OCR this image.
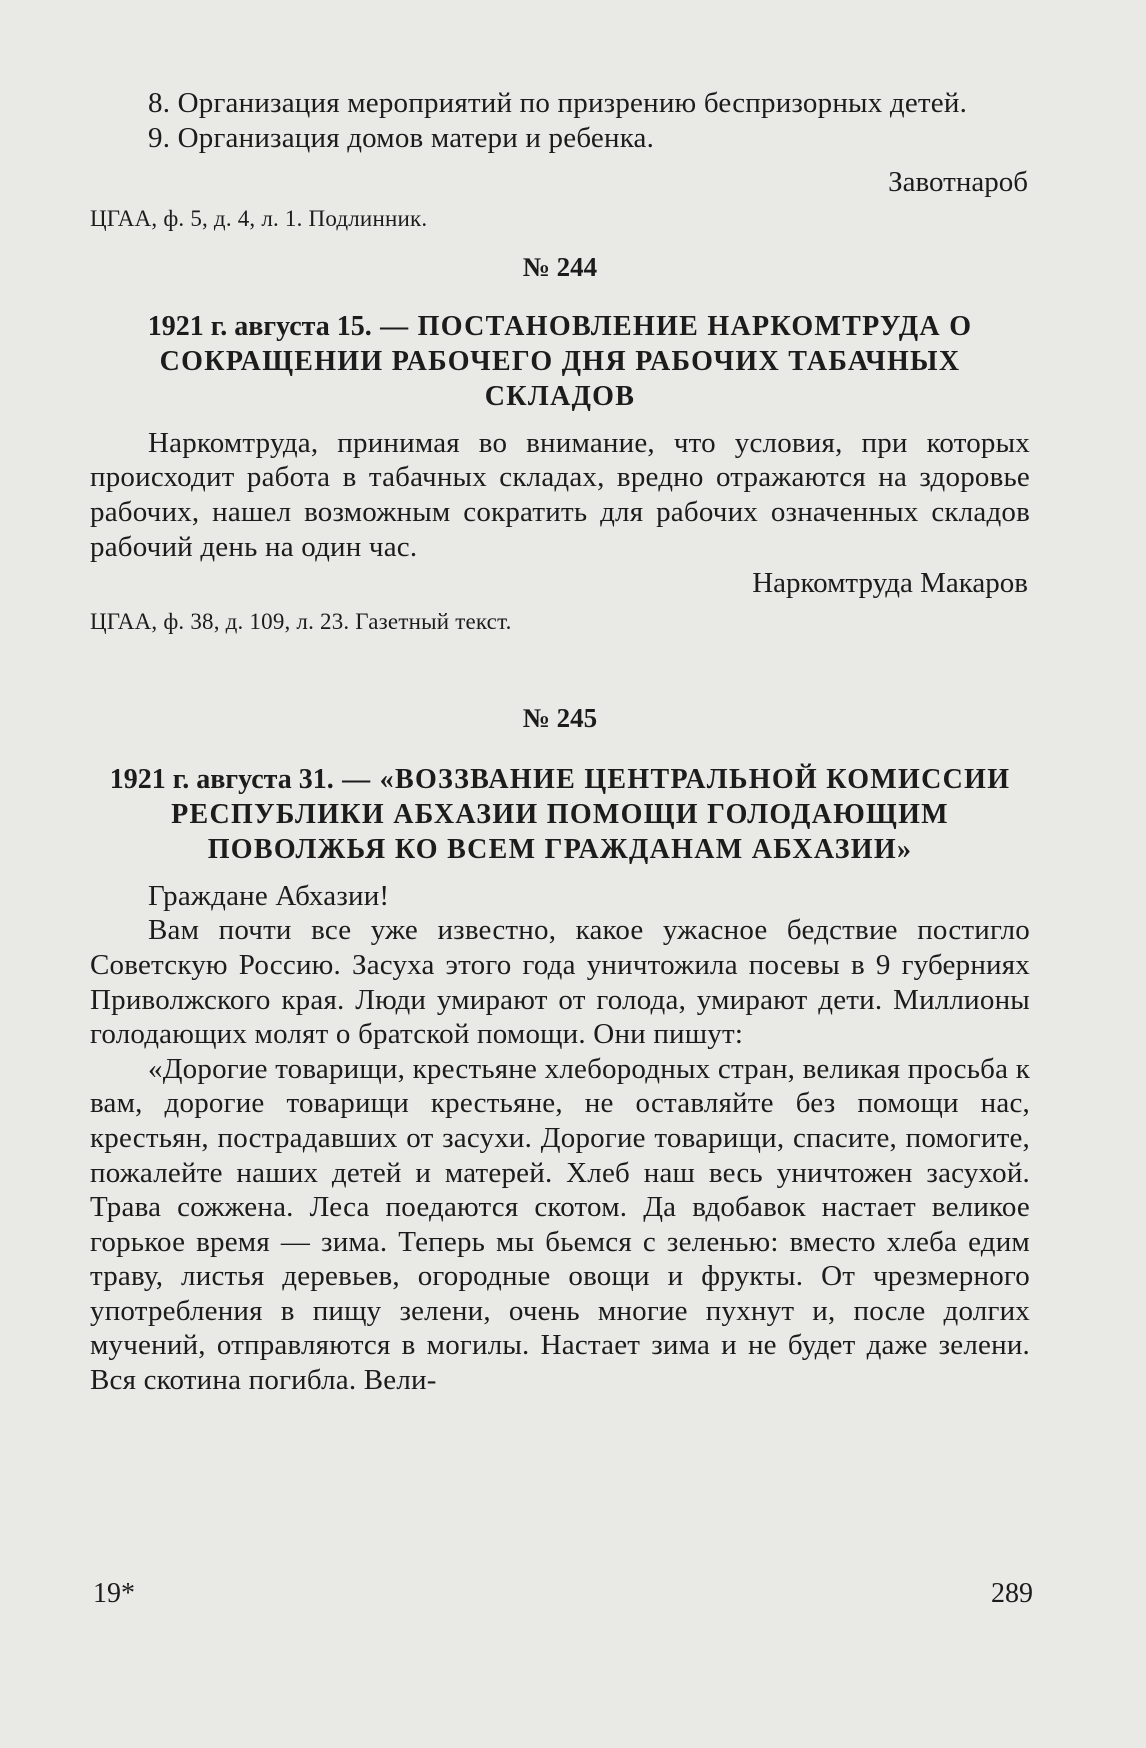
8. Организация мероприятий по призрению беспризорных детей.

9. Организация домов матери и ребенка.

Завотнароб

ЦГАА, ф. 5, д. 4, л. 1. Подлинник.

№ 244

1921 г. августа 15. — ПОСТАНОВЛЕНИЕ НАРКОМТРУДА О СОКРАЩЕНИИ РАБОЧЕГО ДНЯ РАБОЧИХ ТАБАЧНЫХ СКЛАДОВ

Наркомтруда, принимая во внимание, что условия, при которых происходит работа в табачных складах, вредно отражаются на здоровье рабочих, нашел возможным сократить для рабочих означенных складов рабочий день на один час.

Наркомтруда Макаров

ЦГАА, ф. 38, д. 109, л. 23. Газетный текст.

№ 245

1921 г. августа 31. — «ВОЗЗВАНИЕ ЦЕНТРАЛЬНОЙ КОМИССИИ РЕСПУБЛИКИ АБХАЗИИ ПОМОЩИ ГОЛОДАЮЩИМ ПОВОЛЖЬЯ КО ВСЕМ ГРАЖДАНАМ АБХАЗИИ»

Граждане Абхазии!

Вам почти все уже известно, какое ужасное бедствие постигло Советскую Россию. Засуха этого года уничтожила посевы в 9 губерниях Приволжского края. Люди умирают от голода, умирают дети. Миллионы голодающих молят о братской помощи. Они пишут:

«Дорогие товарищи, крестьяне хлебородных стран, великая просьба к вам, дорогие товарищи крестьяне, не оставляйте без помощи нас, крестьян, пострадавших от засухи. Дорогие товарищи, спасите, помогите, пожалейте наших детей и матерей. Хлеб наш весь уничтожен засухой. Трава сожжена. Леса поедаются скотом. Да вдобавок настает великое горькое время — зима. Теперь мы бьемся с зеленью: вместо хлеба едим траву, листья деревьев, огородные овощи и фрукты. От чрезмерного употребления в пищу зелени, очень многие пухнут и, после долгих мучений, отправляются в могилы. Настает зима и не будет даже зелени. Вся скотина погибла. Вели-

19*	289
